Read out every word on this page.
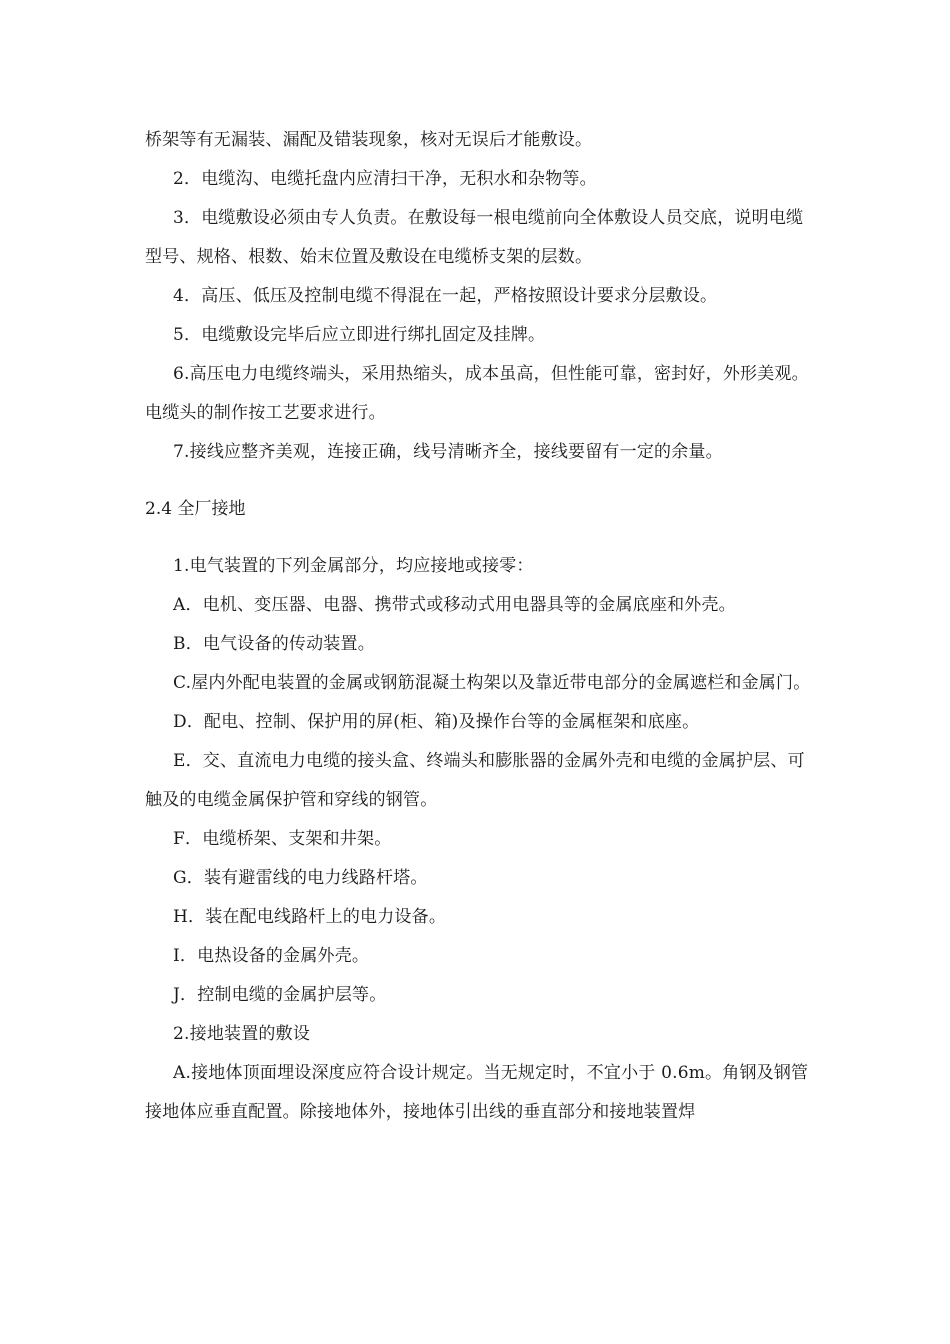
桥架等有无漏装、漏配及错装现象，核对无误后才能敷设。

2．电缆沟、电缆托盘内应清扫干净，无积水和杂物等。

3．电缆敷设必须由专人负责。在敷设每一根电缆前向全体敷设人员交底，说明电缆型号、规格、根数、始末位置及敷设在电缆桥支架的层数。

4．高压、低压及控制电缆不得混在一起，严格按照设计要求分层敷设。

5．电缆敷设完毕后应立即进行绑扎固定及挂牌。

6.高压电力电缆终端头，采用热缩头，成本虽高，但性能可靠，密封好，外形美观。电缆头的制作按工艺要求进行。

7.接线应整齐美观，连接正确，线号清晰齐全，接线要留有一定的余量。

2.4 全厂接地

1.电气装置的下列金属部分，均应接地或接零：

A．电机、变压器、电器、携带式或移动式用电器具等的金属底座和外壳。

B．电气设备的传动装置。

C.屋内外配电装置的金属或钢筋混凝土构架以及靠近带电部分的金属遮栏和金属门。

D．配电、控制、保护用的屏(柜、箱)及操作台等的金属框架和底座。

E．交、直流电力电缆的接头盒、终端头和膨胀器的金属外壳和电缆的金属护层、可触及的电缆金属保护管和穿线的钢管。

F．电缆桥架、支架和井架。

G．装有避雷线的电力线路杆塔。

H．装在配电线路杆上的电力设备。

I．电热设备的金属外壳。

J．控制电缆的金属护层等。

2.接地装置的敷设

A.接地体顶面埋设深度应符合设计规定。当无规定时，不宜小于 0.6m。角钢及钢管接地体应垂直配置。除接地体外，接地体引出线的垂直部分和接地装置焊
